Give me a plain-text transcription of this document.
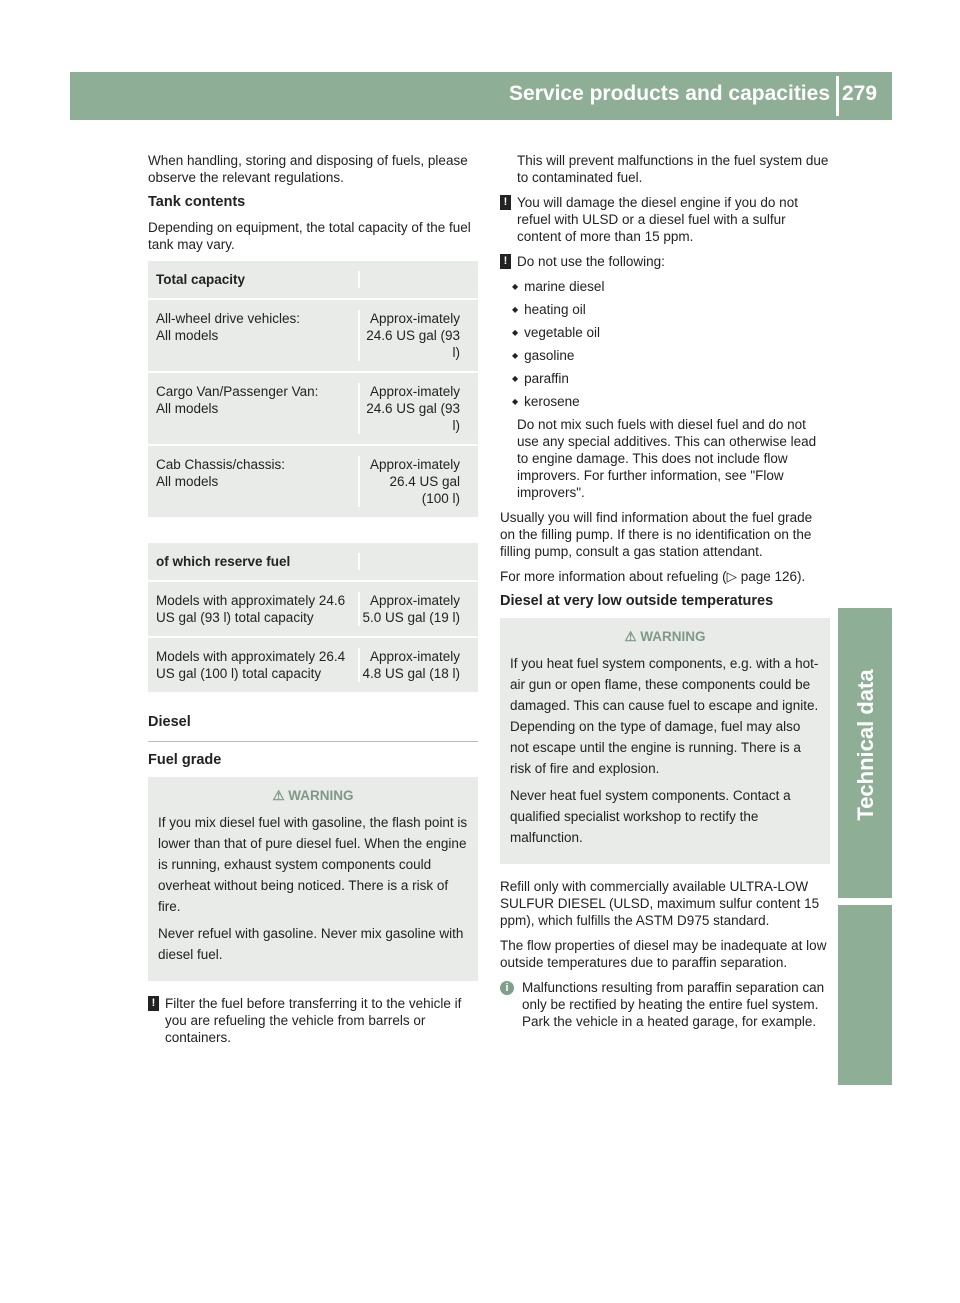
Service products and capacities 279
Technical data

When handling, storing and disposing of fuels, please observe the relevant regulations.

Tank contents

Depending on equipment, the total capacity of the fuel tank may vary.

Total capacity
All-wheel drive vehicles:
All models
Approx-imately 24.6 US gal (93 l)
Cargo Van/Passenger Van:
All models
Approx-imately 24.6 US gal (93 l)
Cab Chassis/chassis:
All models
Approx-imately 26.4 US gal (100 l)
of which reserve fuel
Models with approximately 24.6 US gal (93 l) total capacity
Approx-imately 5.0 US gal (19 l)
Models with approximately 26.4 US gal (100 l) total capacity
Approx-imately 4.8 US gal (18 l)
Diesel
Fuel grade
⚠ WARNING

If you mix diesel fuel with gasoline, the flash point is lower than that of pure diesel fuel. When the engine is running, exhaust system components could overheat without being noticed. There is a risk of fire.

Never refuel with gasoline. Never mix gasoline with diesel fuel.

! Filter the fuel before transferring it to the vehicle if you are refueling the vehicle from barrels or containers.

This will prevent malfunctions in the fuel system due to contaminated fuel.

! You will damage the diesel engine if you do not refuel with ULSD or a diesel fuel with a sulfur content of more than 15 ppm.
! Do not use the following:
◆ marine diesel
◆ heating oil
◆ vegetable oil
◆ gasoline
◆ paraffin
◆ kerosene

Do not mix such fuels with diesel fuel and do not use any special additives. This can otherwise lead to engine damage. This does not include flow improvers. For further information, see "Flow improvers".

Usually you will find information about the fuel grade on the filling pump. If there is no identification on the filling pump, consult a gas station attendant.

For more information about refueling (▷ page 126).

Diesel at very low outside temperatures
⚠ WARNING

If you heat fuel system components, e.g. with a hot-air gun or open flame, these components could be damaged. This can cause fuel to escape and ignite. Depending on the type of damage, fuel may also not escape until the engine is running. There is a risk of fire and explosion.

Never heat fuel system components. Contact a qualified specialist workshop to rectify the malfunction.

Refill only with commercially available ULTRA-LOW SULFUR DIESEL (ULSD, maximum sulfur content 15 ppm), which fulfills the ASTM D975 standard.

The flow properties of diesel may be inadequate at low outside temperatures due to paraffin separation.

i Malfunctions resulting from paraffin separation can only be rectified by heating the entire fuel system. Park the vehicle in a heated garage, for example.
